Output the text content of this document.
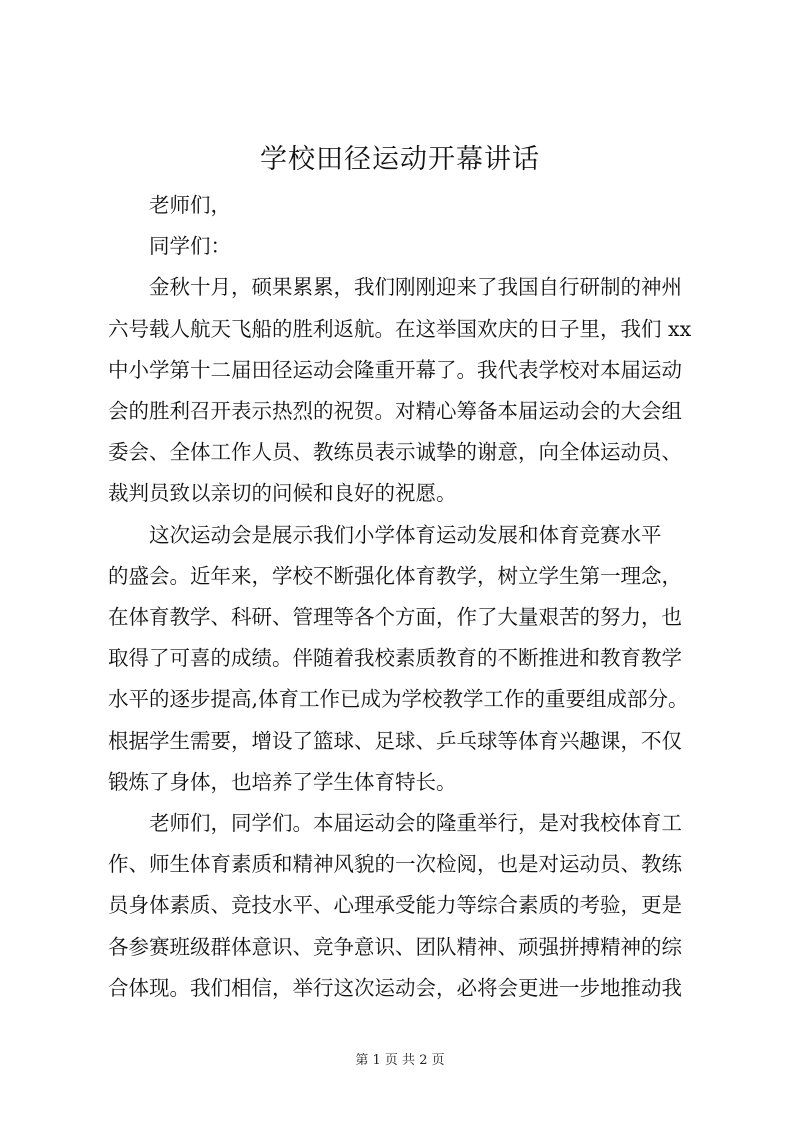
学校田径运动开幕讲话

老师们，

同学们：

金秋十月，硕果累累，我们刚刚迎来了我国自行研制的神州
六号载人航天飞船的胜利返航。在这举国欢庆的日子里，我们 xx
中小学第十二届田径运动会隆重开幕了。我代表学校对本届运动
会的胜利召开表示热烈的祝贺。对精心筹备本届运动会的大会组
委会、全体工作人员、教练员表示诚挚的谢意，向全体运动员、
裁判员致以亲切的问候和良好的祝愿。

这次运动会是展示我们小学体育运动发展和体育竞赛水平
的盛会。近年来，学校不断强化体育教学，树立学生第一理念，
在体育教学、科研、管理等各个方面，作了大量艰苦的努力，也
取得了可喜的成绩。伴随着我校素质教育的不断推进和教育教学
水平的逐步提高,体育工作已成为学校教学工作的重要组成部分。
根据学生需要，增设了篮球、足球、乒乓球等体育兴趣课，不仅
锻炼了身体，也培养了学生体育特长。

老师们，同学们。本届运动会的隆重举行，是对我校体育工
作、师生体育素质和精神风貌的一次检阅，也是对运动员、教练
员身体素质、竞技水平、心理承受能力等综合素质的考验，更是
各参赛班级群体意识、竞争意识、团队精神、顽强拼搏精神的综
合体现。我们相信，举行这次运动会，必将会更进一步地推动我

第 1 页 共 2 页
